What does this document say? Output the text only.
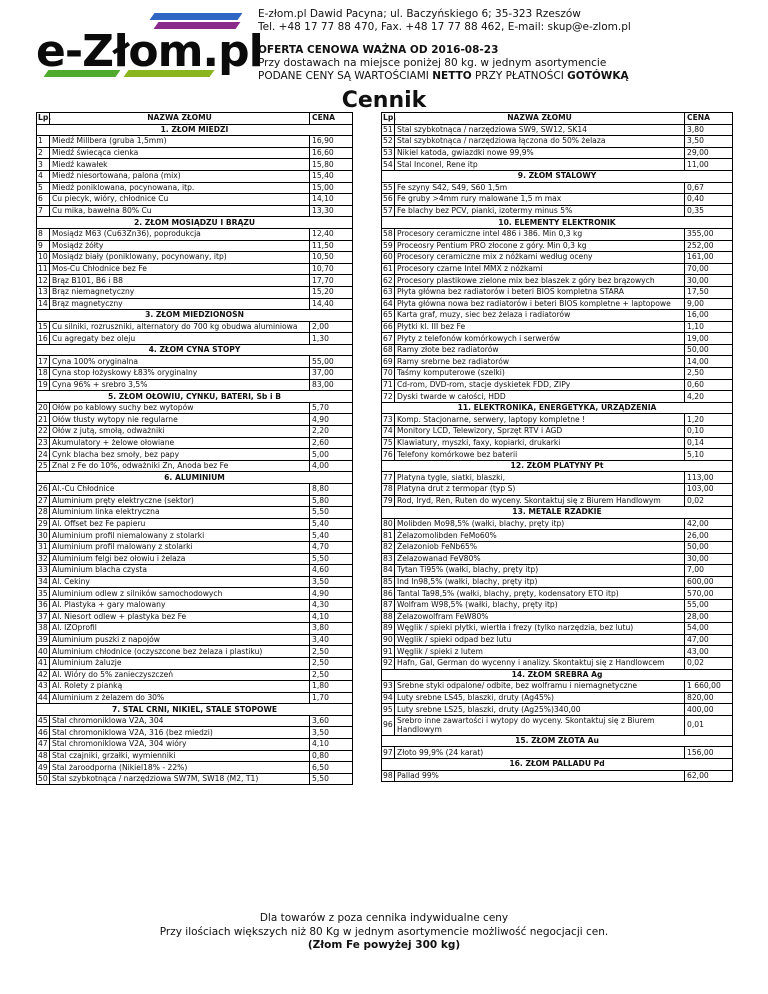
e-Złom.pl
E-złom.pl Dawid Pacyna; ul. Baczyńskiego 6; 35-323 Rzeszów
Tel. +48 17 77 88 470, Fax. +48 17 77 88 462, E-mail: skup@e-zlom.pl
OFERTA CENOWA WAŻNA OD 2016-08-23
Przy dostawach na miejsce poniżej 80 kg. w jednym asortymencie
PODANE CENY SĄ WARTOŚCIAMI NETTO PRZY PŁATNOŚCI GOTÓWKĄ
Cennik
Lp.	NAZWA ZŁOMU	CENA
1. ZŁOM MIEDZI		
1	Miedź Millbera (gruba 1,5mm)	16,90
2	Miedź świecąca cienka	16,60
3	Miedź kawałek	15,80
4	Miedź niesortowana, palona (mix)	15,40
5	Miedź poniklowana, pocynowana, itp.	15,00
6	Cu piecyk, wióry, chłodnice Cu	14,10
7	Cu mika, bawełna 80% Cu	13,30
2. ZŁOM MOSIĄDZU I BRĄZU		
8	Mosiądz M63 (Cu63Zn36), poprodukcja	12,40
9	Mosiądz żółty	11,50
10	Mosiądz biały (poniklowany, pocynowany, itp)	10,50
11	Mos-Cu Chłodnice bez Fe	10,70
12	Brąz B101, B6 i B8	17,70
13	Brąz niemagnetyczny	15,20
14	Brąz magnetyczny	14,40
3. ZŁOM MIEDZIONOŚN		
15	Cu silniki, rozruszniki, alternatory do 700 kg obudwa aluminiowa	2,00
16	Cu agregaty bez oleju	1,30
4. ZŁOM CYNA STOPY		
17	Cyna 100% oryginalna	55,00
18	Cyna stop łożyskowy Ł83% oryginalny	37,00
19	Cyna 96% + srebro 3,5%	83,00
5. ZŁOM OŁOWIU, CYNKU, BATERI, Sb i B		
20	Ołów po kablowy suchy bez wytopów	5,70
21	Ołów tłusty wytopy nie regularne	4,90
22	Ołów z jutą, smołą, odważniki	2,20
23	Akumulatory + żelowe ołowiane	2,60
24	Cynk blacha bez smoły, bez papy	5,00
25	Znal z Fe do 10%, odważniki Zn, Anoda bez Fe	4,00
6. ALUMINIUM		
26	Al.-Cu Chłodnice	8,80
27	Aluminium pręty elektryczne (sektor)	5,80
28	Aluminium linka elektryczna	5,50
29	Al. Offset bez Fe papieru	5,40
30	Aluminium profil niemalowany z stolarki	5,40
31	Aluminium profil malowany z stolarki	4,70
32	Aluminium felgi bez ołowiu i żelaza	5,50
33	Aluminium blacha czysta	4,60
34	Al. Cekiny	3,50
35	Aluminium odlew z silników samochodowych	4,90
36	Al. Plastyka + gary malowany	4,30
37	Al. Niesort odlew + plastyka bez Fe	4,10
38	Al. IZOprofil	3,80
39	Aluminium puszki z napojów	3,40
40	Aluminium chłodnice (oczyszcone bez żelaza i plastiku)	2,50
41	Aluminium żaluzje	2,50
42	Al. Wióry do 5% zanieczyszczeń	2,50
43	Al. Rolety z pianką	1,80
44	Aluminium z żelazem do 30%	1,70
7. STAL CRNI, NIKIEL, STALE STOPOWE		
45	Stal chromoniklowa V2A, 304	3,60
46	Stal chromoniklowa V2A, 316 (bez miedzi)	3,50
47	Stal chromoniklowa V2A, 304 wióry	4,10
48	Stal czajniki, grzałki, wymienniki	0,80
49	Stal żaroodporna (Nikiel18% - 22%)	6,50
50	Stal szybkotnąca / narzędziowa SW7M, SW18 (M2, T1)	5,50
Lp.	NAZWA ZŁOMU	CENA
51	Stal szybkotnąca / narzędziowa SW9, SW12, SK14	3,80
52	Stal szybkotnąca / narzędziowa łączona do 50% żelaza	3,50
53	Nikiel katoda, gwiazdki nowe 99,9%	29,00
54	Stal Inconel, Rene itp	11,00
9. ZŁOM STALOWY		
55	Fe szyny S42, S49, S60 1,5m	0,67
56	Fe gruby >4mm rury malowane 1,5 m max	0,40
57	Fe blachy bez PCV, pianki, izotermy minus 5%	0,35
10. ELEMENTY ELEKTRONIK		
58	Procesory ceramiczne intel 486 i 386. Min 0,3 kg	355,00
59	Proceosry Pentium PRO złocone z góry. Min 0,3 kg	252,00
60	Procesory ceramiczne mix z nóżkami według oceny	161,00
61	Procesory czarne Intel MMX z nóżkami	70,00
62	Procesory plastikowe zielone mix bez blaszek z góry bez brązowych	30,00
63	Płyta główna bez radiatorów i beteri BIOS kompletna STARA	17,50
64	Płyta główna nowa bez radiatorów i beteri BIOS kompletne + laptopowe	9,00
65	Karta graf, muzy, siec bez żelaza i radiatorów	16,00
66	Płytki kl. III bez Fe	1,10
67	Płyty z telefonów komórkowych i serwerów	19,00
68	Ramy złote bez radiatorów	50,00
69	Ramy srebrne bez radiatorów	14,00
70	Taśmy komputerowe (szelki)	2,50
71	Cd-rom, DVD-rom, stacje dyskietek FDD, ZIPy	0,60
72	Dyski twarde w całości, HDD	4,20
11. ELEKTRONIKA, ENERGETYKA, URZĄDZENIA		
73	Komp. Stacjonarne, serwery, laptopy kompletne !	1,20
74	Monitory LCD, Telewizory, Sprzęt RTV i AGD	0,10
75	Klawiatury, myszki, faxy, kopiarki, drukarki	0,14
76	Telefony komórkowe bez baterii	5,10
12. ZŁOM PLATYNY Pt		
77	Platyna tygle, siatki, blaszki,	113,00
78	Platyna drut z termopar (typ S)	103,00
79	Rod, Iryd, Ren, Ruten do wyceny. Skontaktuj się z Biurem Handlowym	0,02
13. METALE RZADKIE		
80	Molibden Mo98,5% (wałki, blachy, pręty itp)	42,00
81	Żelazomolibden FeMo60%	26,00
82	Żelazoniob FeNb65%	50,00
83	Żelazowanad FeV80%	30,00
84	Tytan Ti95% (wałki, blachy, pręty itp)	7,00
85	Ind In98,5% (wałki, blachy, pręty itp)	600,00
86	Tantal Ta98,5% (wałki, blachy, pręty, kodensatory ETO itp)	570,00
87	Wolfram W98,5% (wałki, blachy, pręty itp)	55,00
88	Żelazowolfram FeW80%	28,00
89	Węglik / spieki płytki, wiertła i frezy (tylko narzędzia, bez lutu)	54,00
90	Węglik / spieki odpad bez lutu	47,00
91	Węglik / spieki z lutem	43,00
92	Hafn, Gal, German do wycenny i analizy. Skontaktuj się z Handlowcem	0,02
14. ZŁOM SREBRA Ag		
93	Srebne styki odpalone/ odbite, bez wolframu i niemagnetyczne	1 660,00
94	Luty srebne LS45, blaszki, druty (Ag45%)	820,00
95	Luty srebne LS25, blaszki, druty (Ag25%)340,00	400,00
96	Srebro inne zawartości i wytopy do wyceny. Skontaktuj się z Biurem Handlowym	0,01
15. ZŁOM ZŁOTA Au		
97	Złoto 99,9% (24 karat)	156,00
16. ZŁOM PALLADU Pd		
98	Pallad 99%	62,00
Dla towarów z poza cennika indywidualne ceny
Przy ilościach większych niż 80 Kg w jednym asortymencie możliwość negocjacji cen.
(Złom Fe powyżej 300 kg)
